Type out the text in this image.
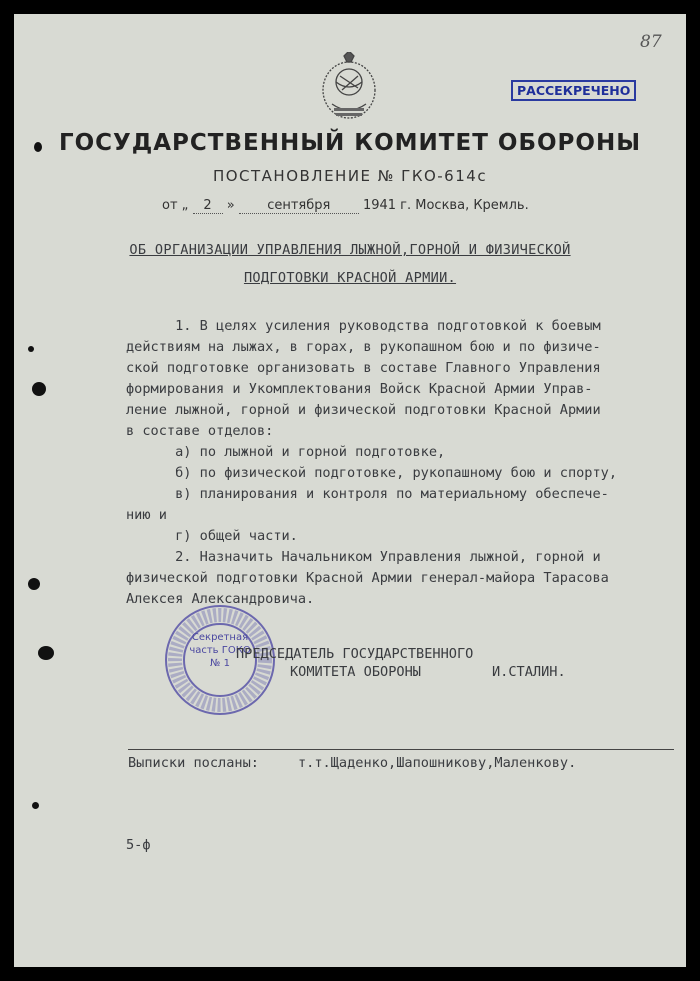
87
РАССЕКРЕЧЕНО
ГОСУДАРСТВЕННЫЙ КОМИТЕТ ОБОРОНЫ
ПОСТАНОВЛЕНИЕ № ГКО-614с
от „ 2 »	сентября	1941 г. Москва, Кремль.
ОБ ОРГАНИЗАЦИИ УПРАВЛЕНИЯ ЛЫЖНОЙ,ГОРНОЙ И ФИЗИЧЕСКОЙ
ПОДГОТОВКИ КРАСНОЙ АРМИИ.
1. В целях усиления руководства подготовкой к боевым
действиям на лыжах, в горах, в рукопашном бою и по физиче-
ской подготовке организовать в составе Главного Управления
формирования и Укомплектования Войск Красной Армии Управ-
ление лыжной, горной и физической подготовки Красной Армии
в составе отделов:
а) по лыжной и горной подготовке,
б) по физической подготовке, рукопашному бою и спорту,
в) планирования и контроля по материальному обеспече-
нию и
г) общей части.
2. Назначить Начальником Управления лыжной, горной и
физической подготовки Красной Армии генерал-майора Тарасова
Алексея Александровича.
Секретная часть ГОКО № 1
ПРЕДСЕДАТЕЛЬ ГОСУДАРСТВЕННОГО
КОМИТЕТА ОБОРОНЫ	И.СТАЛИН.
Выписки посланы:	т.т.Щаденко,Шапошникову,Маленкову.
5-ф
